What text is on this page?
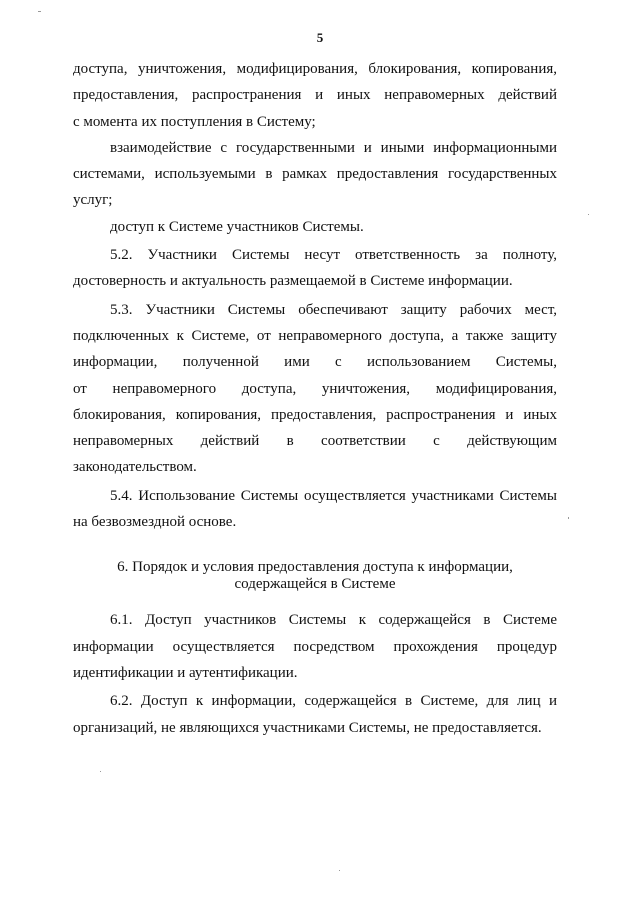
5

доступа, уничтожения, модифицирования, блокирования, копирования,
предоставления, распространения и иных неправомерных действий
с момента их поступления в Систему;

взаимодействие с государственными и иными информационными
системами, используемыми в рамках предоставления государственных
услуг;

доступ к Системе участников Системы.

5.2. Участники Системы несут ответственность за полноту,
достоверность и актуальность размещаемой в Системе информации.

5.3. Участники Системы обеспечивают защиту рабочих мест,
подключенных к Системе, от неправомерного доступа, а также защиту
информации, полученной ими с использованием Системы,
от неправомерного доступа, уничтожения, модифицирования,
блокирования, копирования, предоставления, распространения и иных
неправомерных действий в соответствии с действующим
законодательством.

5.4. Использование Системы осуществляется участниками Системы
на безвозмездной основе.

6. Порядок и условия предоставления доступа к информации,
содержащейся в Системе

6.1. Доступ участников Системы к содержащейся в Системе
информации осуществляется посредством прохождения процедур
идентификации и аутентификации.

6.2. Доступ к информации, содержащейся в Системе, для лиц и
организаций, не являющихся участниками Системы, не предоставляется.
